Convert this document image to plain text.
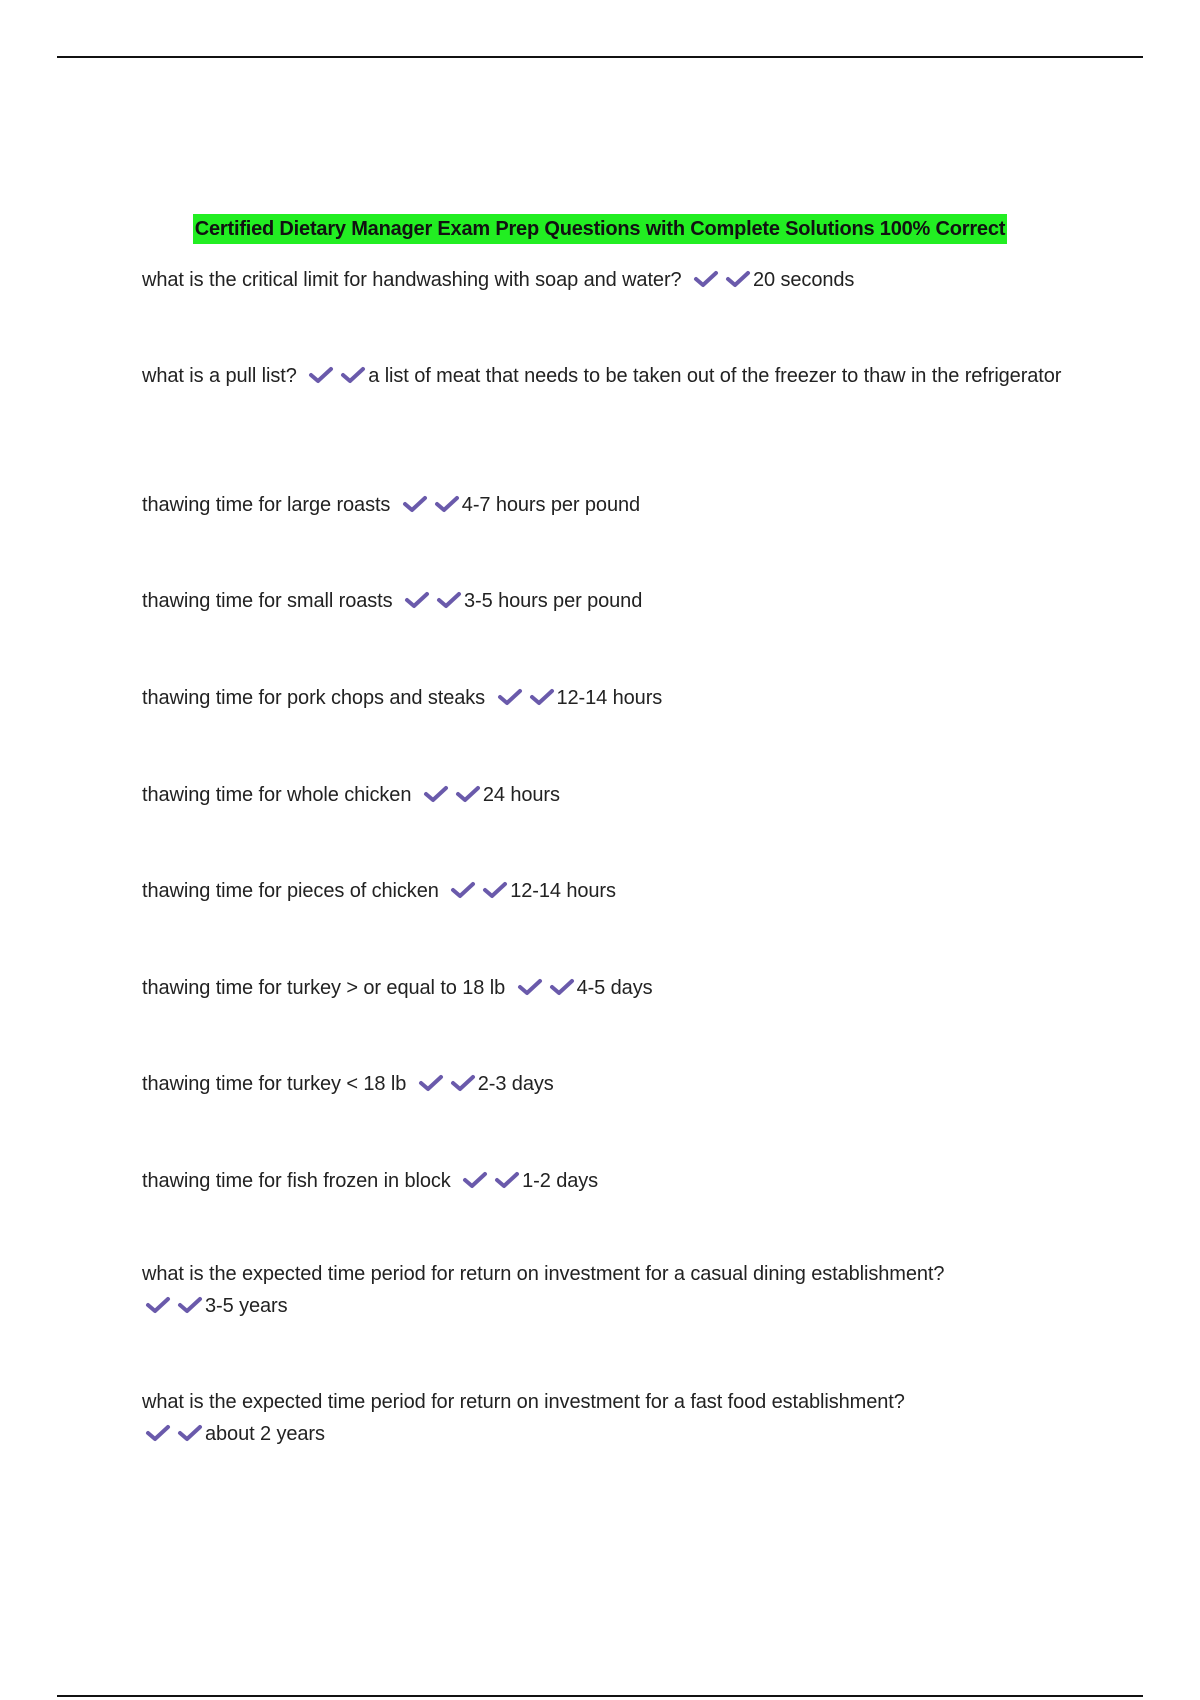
Certified Dietary Manager Exam Prep Questions with Complete Solutions 100% Correct
what is the critical limit for handwashing with soap and water?	20 seconds
what is a pull list?	a list of meat that needs to be taken out of the freezer to thaw in the refrigerator
thawing time for large roasts	4-7 hours per pound
thawing time for small roasts	3-5 hours per pound
thawing time for pork chops and steaks	12-14 hours
thawing time for whole chicken	24 hours
thawing time for pieces of chicken	12-14 hours
thawing time for turkey > or equal to 18 lb	4-5 days
thawing time for turkey < 18 lb	2-3 days
thawing time for fish frozen in block	1-2 days
what is the expected time period for return on investment for a casual dining establishment?
3-5 years
what is the expected time period for return on investment for a fast food establishment?
about 2 years
